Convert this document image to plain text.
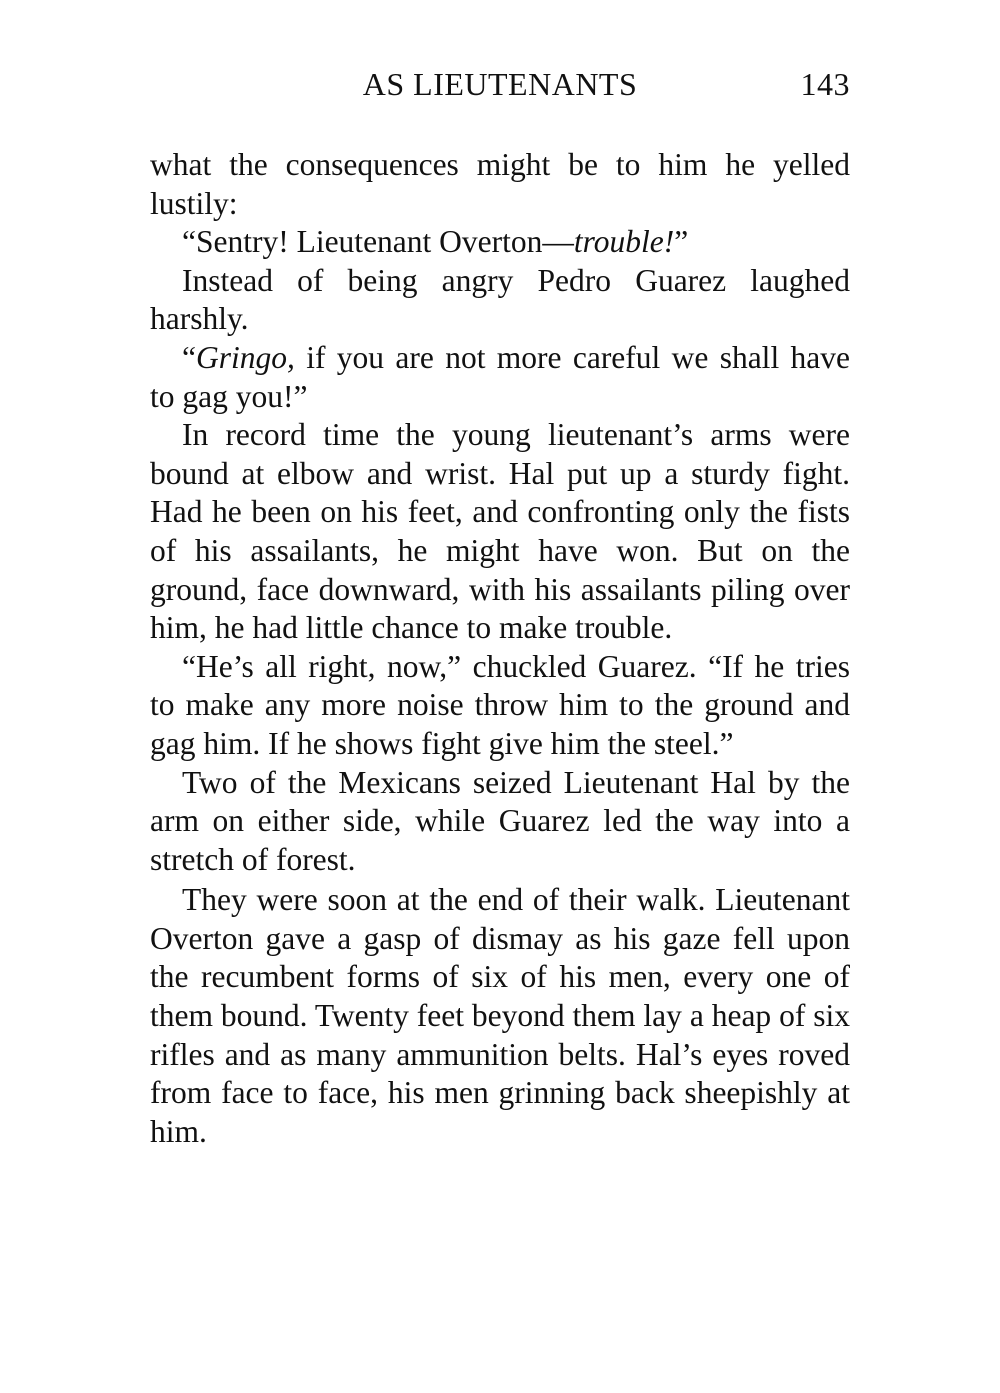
AS LIEUTENANTS	143

what the consequences might be to him he yelled lustily:

“Sentry! Lieutenant Overton—trouble!”

Instead of being angry Pedro Guarez laughed harshly.

“Gringo, if you are not more careful we shall have to gag you!”

In record time the young lieutenant’s arms were bound at elbow and wrist. Hal put up a sturdy fight. Had he been on his feet, and confronting only the fists of his assailants, he might have won. But on the ground, face downward, with his assailants piling over him, he had little chance to make trouble.

“He’s all right, now,” chuckled Guarez. “If he tries to make any more noise throw him to the ground and gag him. If he shows fight give him the steel.”

Two of the Mexicans seized Lieutenant Hal by the arm on either side, while Guarez led the way into a stretch of forest.

They were soon at the end of their walk. Lieutenant Overton gave a gasp of dismay as his gaze fell upon the recumbent forms of six of his men, every one of them bound. Twenty feet beyond them lay a heap of six rifles and as many ammunition belts. Hal’s eyes roved from face to face, his men grinning back sheepishly at him.
